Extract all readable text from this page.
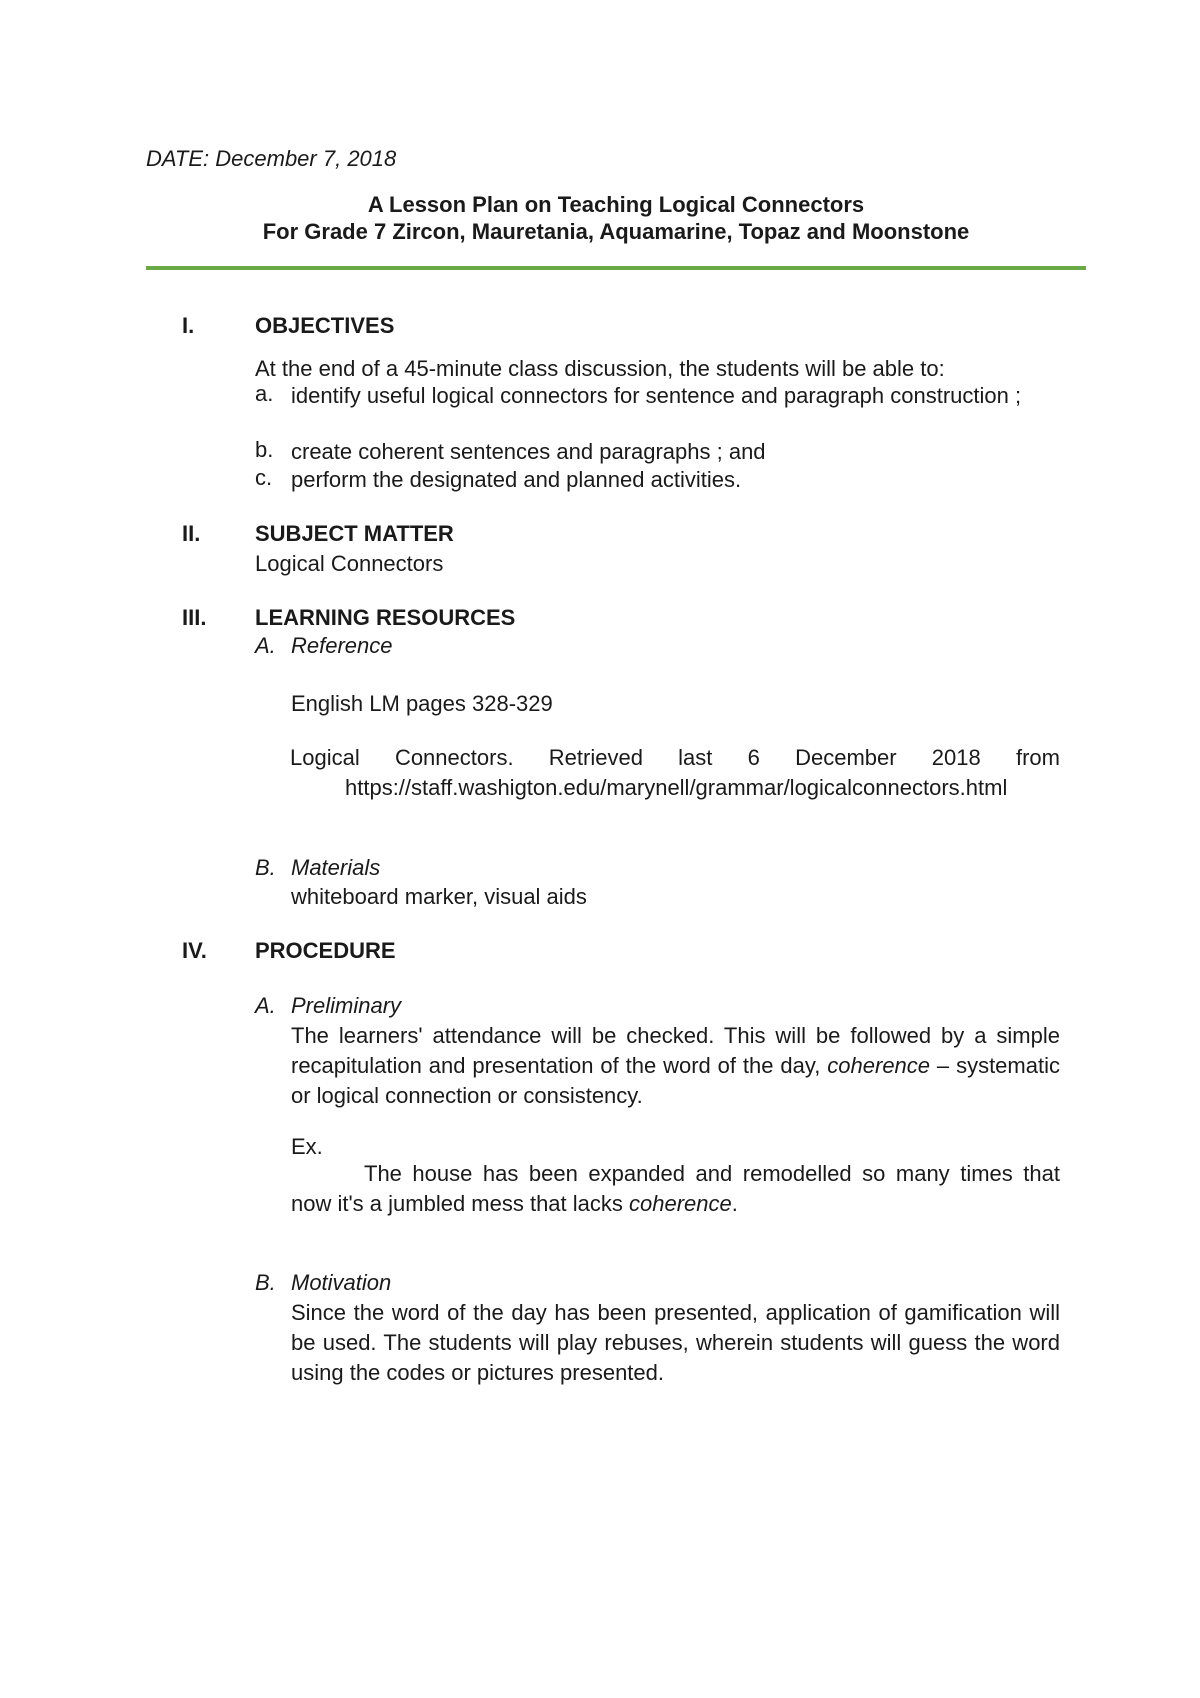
DATE: December 7, 2018
A Lesson Plan on Teaching Logical Connectors
For Grade 7 Zircon, Mauretania, Aquamarine, Topaz and Moonstone
I.	OBJECTIVES
At the end of a 45-minute class discussion, the students will be able to:
a. identify useful logical connectors for sentence and paragraph construction ;
b. create coherent sentences and paragraphs ; and
c. perform the designated and planned activities.
II. SUBJECT MATTER
Logical Connectors
III. LEARNING RESOURCES
A. Reference
English LM pages 328-329
Logical Connectors. Retrieved last 6 December 2018 from
https://staff.washigton.edu/marynell/grammar/logicalconnectors.html
B. Materials
whiteboard marker, visual aids
IV. PROCEDURE
A. Preliminary
The learners' attendance will be checked. This will be followed by a simple recapitulation and presentation of the word of the day, coherence – systematic or logical connection or consistency.
Ex.
The house has been expanded and remodelled so many times that now it's a jumbled mess that lacks coherence.
B. Motivation
Since the word of the day has been presented, application of gamification will be used. The students will play rebuses, wherein students will guess the word using the codes or pictures presented.
